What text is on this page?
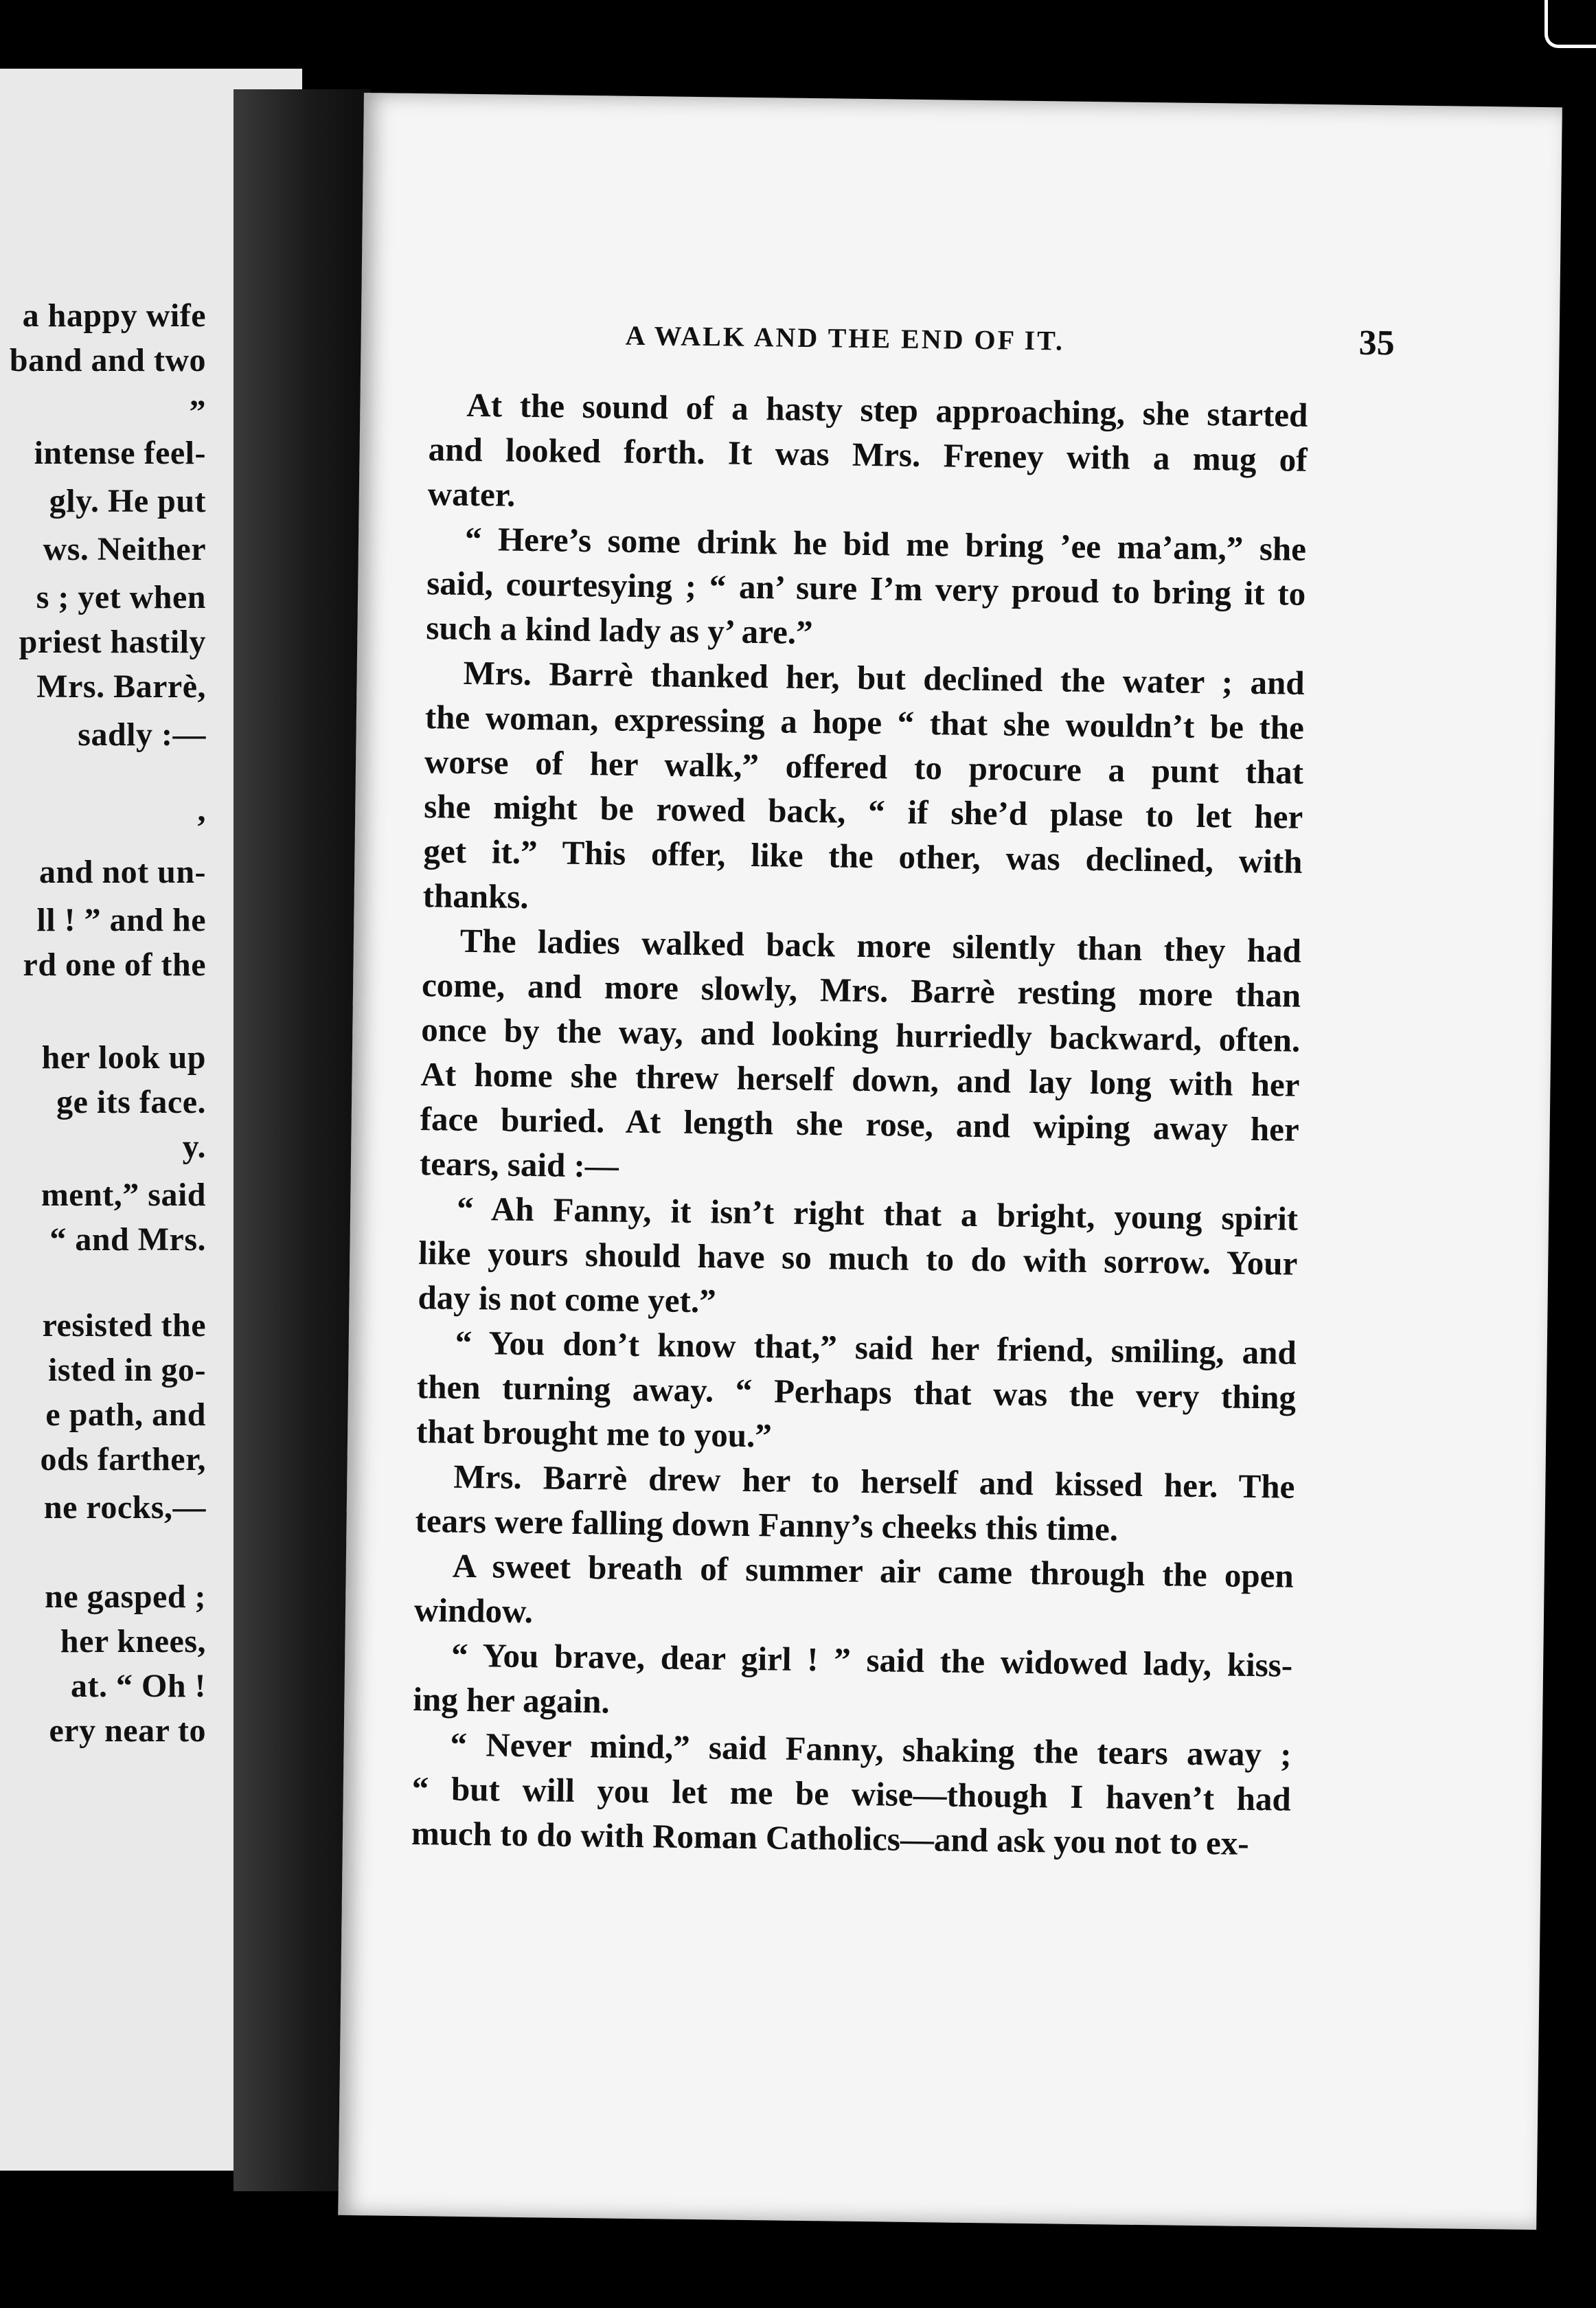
a happy wife
band and two
”
intense feel-
gly. He put
ws. Neither
s ; yet when
priest hastily
Mrs. Barrè,
sadly :—
,
and not un-
ll ! ” and he
rd one of the
her look up
ge its face.
y.
ment,” said
“ and Mrs.
resisted the
isted in go-
e path, and
ods farther,
ne rocks,—
ne gasped ;
her knees,
at. “ Oh !
ery near to
A WALK AND THE END OF IT.	35
At the sound of a hasty step approaching, she started
and looked forth. It was Mrs. Freney with a mug of
water.
“ Here’s some drink he bid me bring ’ee ma’am,” she
said, courtesying ; “ an’ sure I’m very proud to bring it to
such a kind lady as y’ are.”
Mrs. Barrè thanked her, but declined the water ; and
the woman, expressing a hope “ that she wouldn’t be the
worse of her walk,” offered to procure a punt that
she might be rowed back, “ if she’d plase to let her
get it.” This offer, like the other, was declined, with
thanks.
The ladies walked back more silently than they had
come, and more slowly, Mrs. Barrè resting more than
once by the way, and looking hurriedly backward, often.
At home she threw herself down, and lay long with her
face buried. At length she rose, and wiping away her
tears, said :—
“ Ah Fanny, it isn’t right that a bright, young spirit
like yours should have so much to do with sorrow. Your
day is not come yet.”
“ You don’t know that,” said her friend, smiling, and
then turning away. “ Perhaps that was the very thing
that brought me to you.”
Mrs. Barrè drew her to herself and kissed her. The
tears were falling down Fanny’s cheeks this time.
A sweet breath of summer air came through the open
window.
“ You brave, dear girl ! ” said the widowed lady, kiss-
ing her again.
“ Never mind,” said Fanny, shaking the tears away ;
“ but will you let me be wise—though I haven’t had
much to do with Roman Catholics—and ask you not to ex-
